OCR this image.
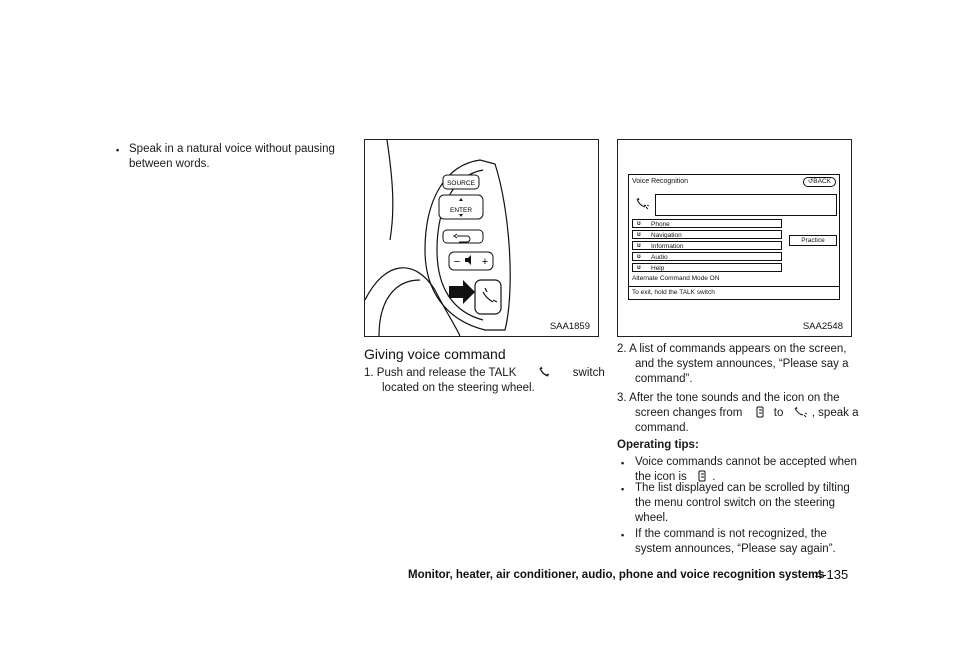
• Speak in a natural voice without pausing
between words.
SOURCE
ENTER
− +
SAA1859
Giving voice command
1. Push and release the TALK	switch
located on the steering wheel.
Voice Recognition	↺BACK
ʊ Phone
ʊ Navigation
ʊ Information
ʊ Audio
ʊ Help
Practice
Alternate Command Mode ON
To exit, hold the TALK switch
SAA2548
2. A list of commands appears on the screen,
and the system announces, “Please say a
command”.
3. After the tone sounds and the icon on the
screen changes from	to , speak a
command.
Operating tips:
• Voice commands cannot be accepted when
the icon is .
• The list displayed can be scrolled by tilting
the menu control switch on the steering
wheel.
• If the command is not recognized, the
system announces, “Please say again”.
Monitor, heater, air conditioner, audio, phone and voice recognition systems
4-135
